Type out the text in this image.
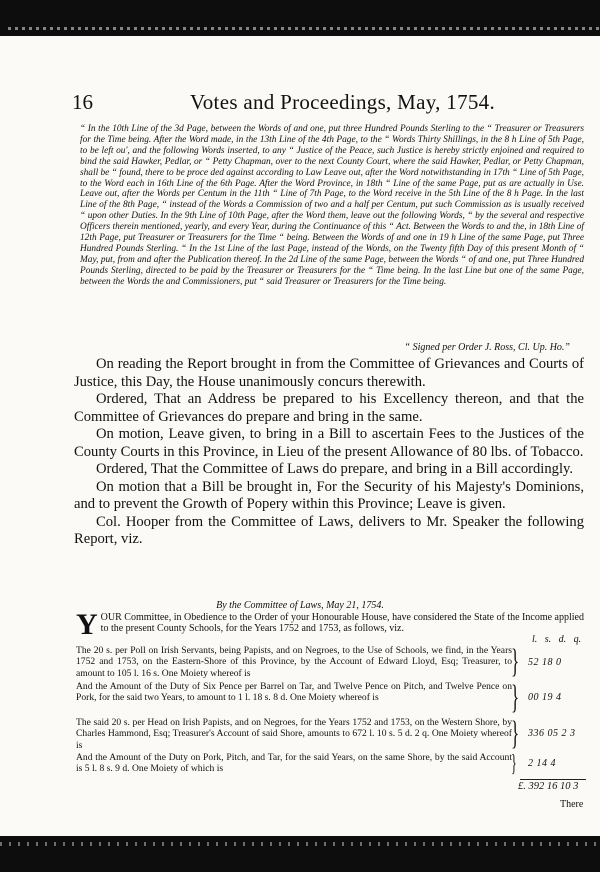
16	Votes and Proceedings, May, 1754.
“ In the 10th Line of the 3d Page, between the Words of and one, put three Hundred Pounds Sterling to the “ Treasurer or Treasurers for the Time being. After the Word made, in the 13th Line of the 4th Page, to the “ Words Thirty Shillings, in the 8 h Line of 5th Page, to be left ou', and the following Words inserted, to any “ Justice of the Peace, such Justice is hereby strictly enjoined and required to bind the said Hawker, Pedlar, or “ Petty Chapman, over to the next County Court, where the said Hawker, Pedlar, or Petty Chapman, shall be “ found, there to be proce ded against according to Law Leave out, after the Word notwithstanding in 17th “ Line of 5th Page, to the Word each in 16th Line of the 6th Page. After the Word Province, in 18th “ Line of the same Page, put as are actually in Use. Leave out, after the Words per Centum in the 11th “ Line of 7th Page, to the Word receive in the 5th Line of the 8 h Page. In the last Line of the 8th Page, “ instead of the Words a Commission of two and a half per Centum, put such Commission as is usually received “ upon other Duties. In the 9th Line of 10th Page, after the Word them, leave out the following Words, “ by the several and respective Officers therein mentioned, yearly, and every Year, during the Continuance of this “ Act. Between the Words to and the, in 18th Line of 12th Page, put Treasurer or Treasurers for the Time “ being. Between the Words of and one in 19 h Line of the same Page, put Three Hundred Pounds Sterling. “ In the 1st Line of the last Page, instead of the Words, on the Twenty fifth Day of this present Month of “ May, put, from and after the Publication thereof. In the 2d Line of the same Page, between the Words “ of and one, put Three Hundred Pounds Sterling, directed to be paid by the Treasurer or Treasurers for the “ Time being. In the last Line but one of the same Page, between the Words the and Commissioners, put “ said Treasurer or Treasurers for the Time being.
“ Signed per Order J. Ross, Cl. Up. Ho.”

On reading the Report brought in from the Committee of Grievances and Courts of Justice, this Day, the House unanimously concurs therewith.

Ordered, That an Address be prepared to his Excellency thereon, and that the Committee of Grievances do prepare and bring in the same.

On motion, Leave given, to bring in a Bill to ascertain Fees to the Justices of the County Courts in this Province, in Lieu of the present Allowance of 80 lbs. of Tobacco.

Ordered, That the Committee of Laws do prepare, and bring in a Bill accordingly.

On motion that a Bill be brought in, For the Security of his Majesty's Dominions, and to prevent the Growth of Popery within this Province; Leave is given.

Col. Hooper from the Committee of Laws, delivers to Mr. Speaker the following Report, viz.

By the Committee of Laws, May 21, 1754.
Y OUR Committee, in Obedience to the Order of your Honourable House, have considered the State of the Income applied to the present County Schools, for the Years 1752 and 1753, as follows, viz.
l. s. d. q.
The 20 s. per Poll on Irish Servants, being Papists, and on Negroes, to the Use of Schools, we find, in the Years 1752 and 1753, on the Eastern-Shore of this Province, by the Account of Edward Lloyd, Esq; Treasurer, to amount to 105 l. 16 s. One Moiety whereof is	} 52 18 0
And the Amount of the Duty of Six Pence per Barrel on Tar, and Twelve Pence on Pitch, and Twelve Pence on Pork, for the said two Years, to amount to 1 l. 18 s. 8 d. One Moiety whereof is	} 00 19 4
The said 20 s. per Head on Irish Papists, and on Negroes, for the Years 1752 and 1753, on the Western Shore, by Charles Hammond, Esq; Treasurer's Account of said Shore, amounts to 672 l. 10 s. 5 d. 2 q. One Moiety whereof is	} 336 05 2 3
And the Amount of the Duty on Pork, Pitch, and Tar, for the said Years, on the same Shore, by the said Account is 5 l. 8 s. 9 d. One Moiety of which is	} 2 14 4
£. 392 16 10 3
There
